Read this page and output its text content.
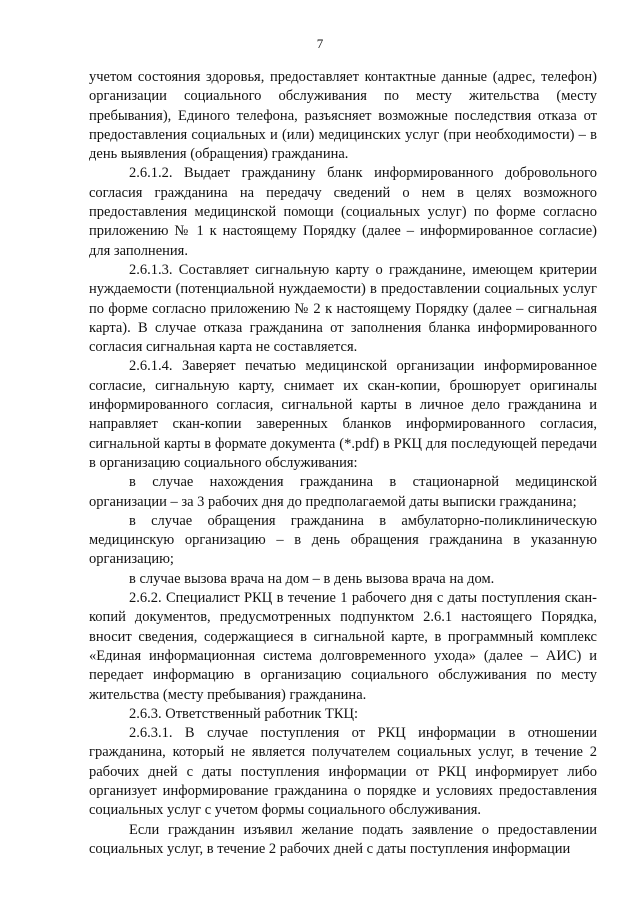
7

учетом состояния здоровья, предоставляет контактные данные (адрес, телефон) организации социального обслуживания по месту жительства (месту пребывания), Единого телефона, разъясняет возможные последствия отказа от предоставления социальных и (или) медицинских услуг (при необходимости) – в день выявления (обращения) гражданина.

2.6.1.2. Выдает гражданину бланк информированного добровольного согласия гражданина на передачу сведений о нем в целях возможного предоставления медицинской помощи (социальных услуг) по форме согласно приложению № 1 к настоящему Порядку (далее – информированное согласие) для заполнения.

2.6.1.3. Составляет сигнальную карту о гражданине, имеющем критерии нуждаемости (потенциальной нуждаемости) в предоставлении социальных услуг по форме согласно приложению № 2 к настоящему Порядку (далее – сигнальная карта). В случае отказа гражданина от заполнения бланка информированного согласия сигнальная карта не составляется.

2.6.1.4. Заверяет печатью медицинской организации информированное согласие, сигнальную карту, снимает их скан-копии, брошюрует оригиналы информированного согласия, сигнальной карты в личное дело гражданина и направляет скан-копии заверенных бланков информированного согласия, сигнальной карты в формате документа (*.pdf) в РКЦ для последующей передачи в организацию социального обслуживания:

в случае нахождения гражданина в стационарной медицинской организации – за 3 рабочих дня до предполагаемой даты выписки гражданина;

в случае обращения гражданина в амбулаторно-поликлиническую медицинскую организацию – в день обращения гражданина в указанную организацию;

в случае вызова врача на дом – в день вызова врача на дом.

2.6.2. Специалист РКЦ в течение 1 рабочего дня с даты поступления скан-копий документов, предусмотренных подпунктом 2.6.1 настоящего Порядка, вносит сведения, содержащиеся в сигнальной карте, в программный комплекс «Единая информационная система долговременного ухода» (далее – АИС) и передает информацию в организацию социального обслуживания по месту жительства (месту пребывания) гражданина.

2.6.3. Ответственный работник ТКЦ:

2.6.3.1. В случае поступления от РКЦ информации в отношении гражданина, который не является получателем социальных услуг, в течение 2 рабочих дней с даты поступления информации от РКЦ информирует либо организует информирование гражданина о порядке и условиях предоставления социальных услуг с учетом формы социального обслуживания.

Если гражданин изъявил желание подать заявление о предоставлении социальных услуг, в течение 2 рабочих дней с даты поступления информации
